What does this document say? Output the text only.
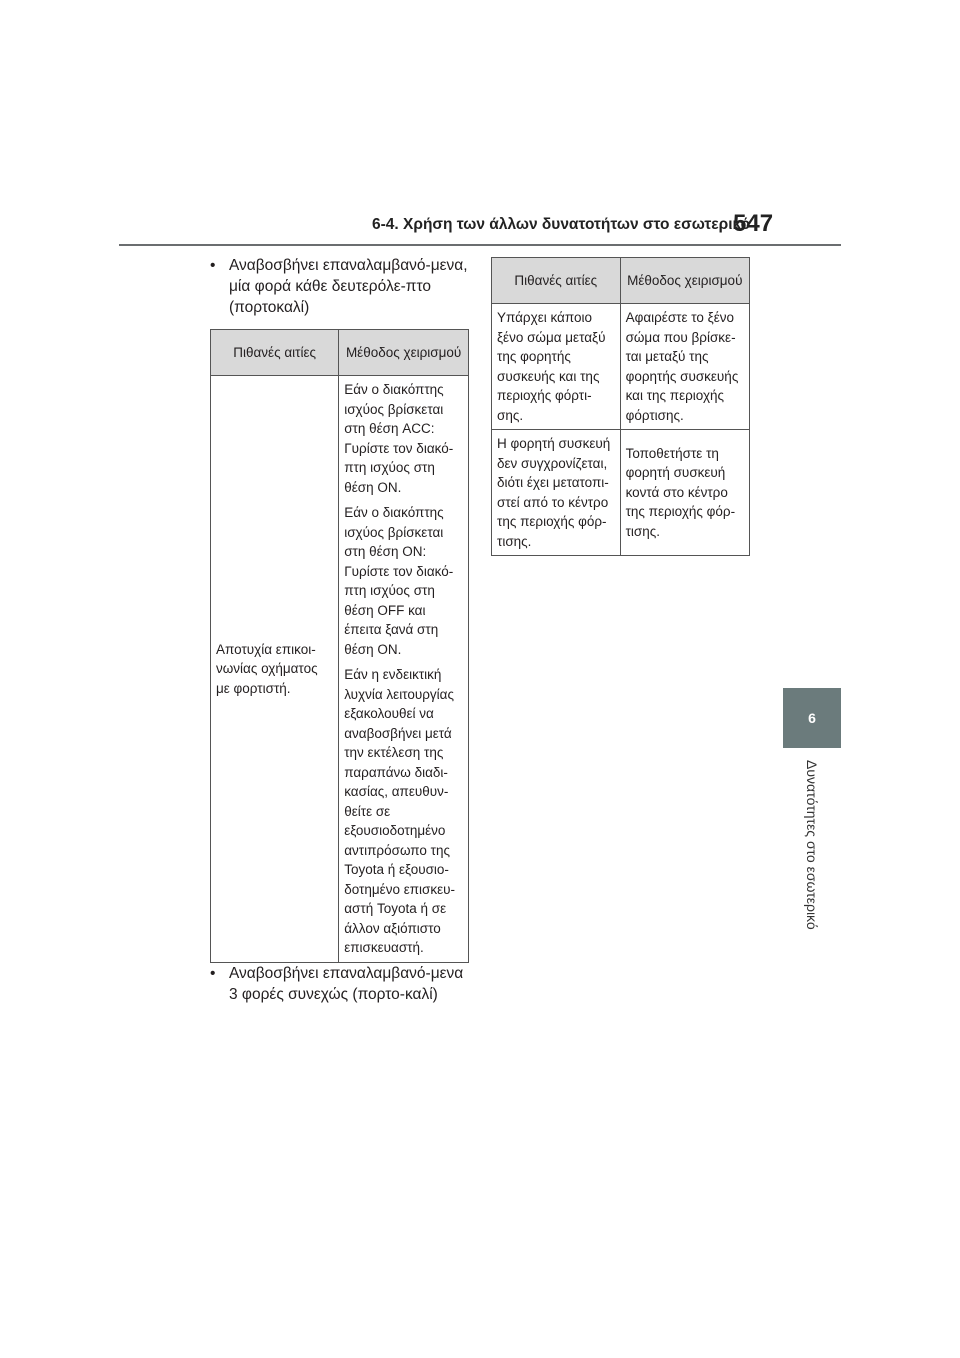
6-4. Χρήση των άλλων δυνατοτήτων στο εσωτερικό
547
6
Δυνατότητες στο εσωτερικό
• Αναβοσβήνει επαναλαμβανό-μενα, μία φορά κάθε δευτερόλε-πτο (πορτοκαλί)
Πιθανές αιτίες	Μέθοδος χειρισμού
Αποτυχία επικοι-νωνίας οχήματος με φορτιστή.	Εάν ο διακόπτης ισχύος βρίσκεται στη θέση ACC: Γυρίστε τον διακό-πτη ισχύος στη θέση ON.
Εάν ο διακόπτης ισχύος βρίσκεται στη θέση ON: Γυρίστε τον διακό-πτη ισχύος στη θέση OFF και έπειτα ξανά στη θέση ON.
Εάν η ενδεικτική λυχνία λειτουργίας εξακολουθεί να αναβοσβήνει μετά την εκτέλεση της παραπάνω διαδι-κασίας, απευθυν-θείτε σε εξουσιοδοτημένο αντιπρόσωπο της Toyota ή εξουσιο-δοτημένο επισκευ-αστή Toyota ή σε άλλον αξιόπιστο επισκευαστή.
• Αναβοσβήνει επαναλαμβανό-μενα 3 φορές συνεχώς (πορτο-καλί)
Πιθανές αιτίες	Μέθοδος χειρισμού
Υπάρχει κάποιο ξένο σώμα μεταξύ της φορητής συσκευής και της περιοχής φόρτι-σης.	Αφαιρέστε το ξένο σώμα που βρίσκε-ται μεταξύ της φορητής συσκευής και της περιοχής φόρτισης.
Η φορητή συσκευή δεν συγχρονίζεται, διότι έχει μετατοπι-στεί από το κέντρο της περιοχής φόρ-τισης.	Τοποθετήστε τη φορητή συσκευή κοντά στο κέντρο της περιοχής φόρ-τισης.
